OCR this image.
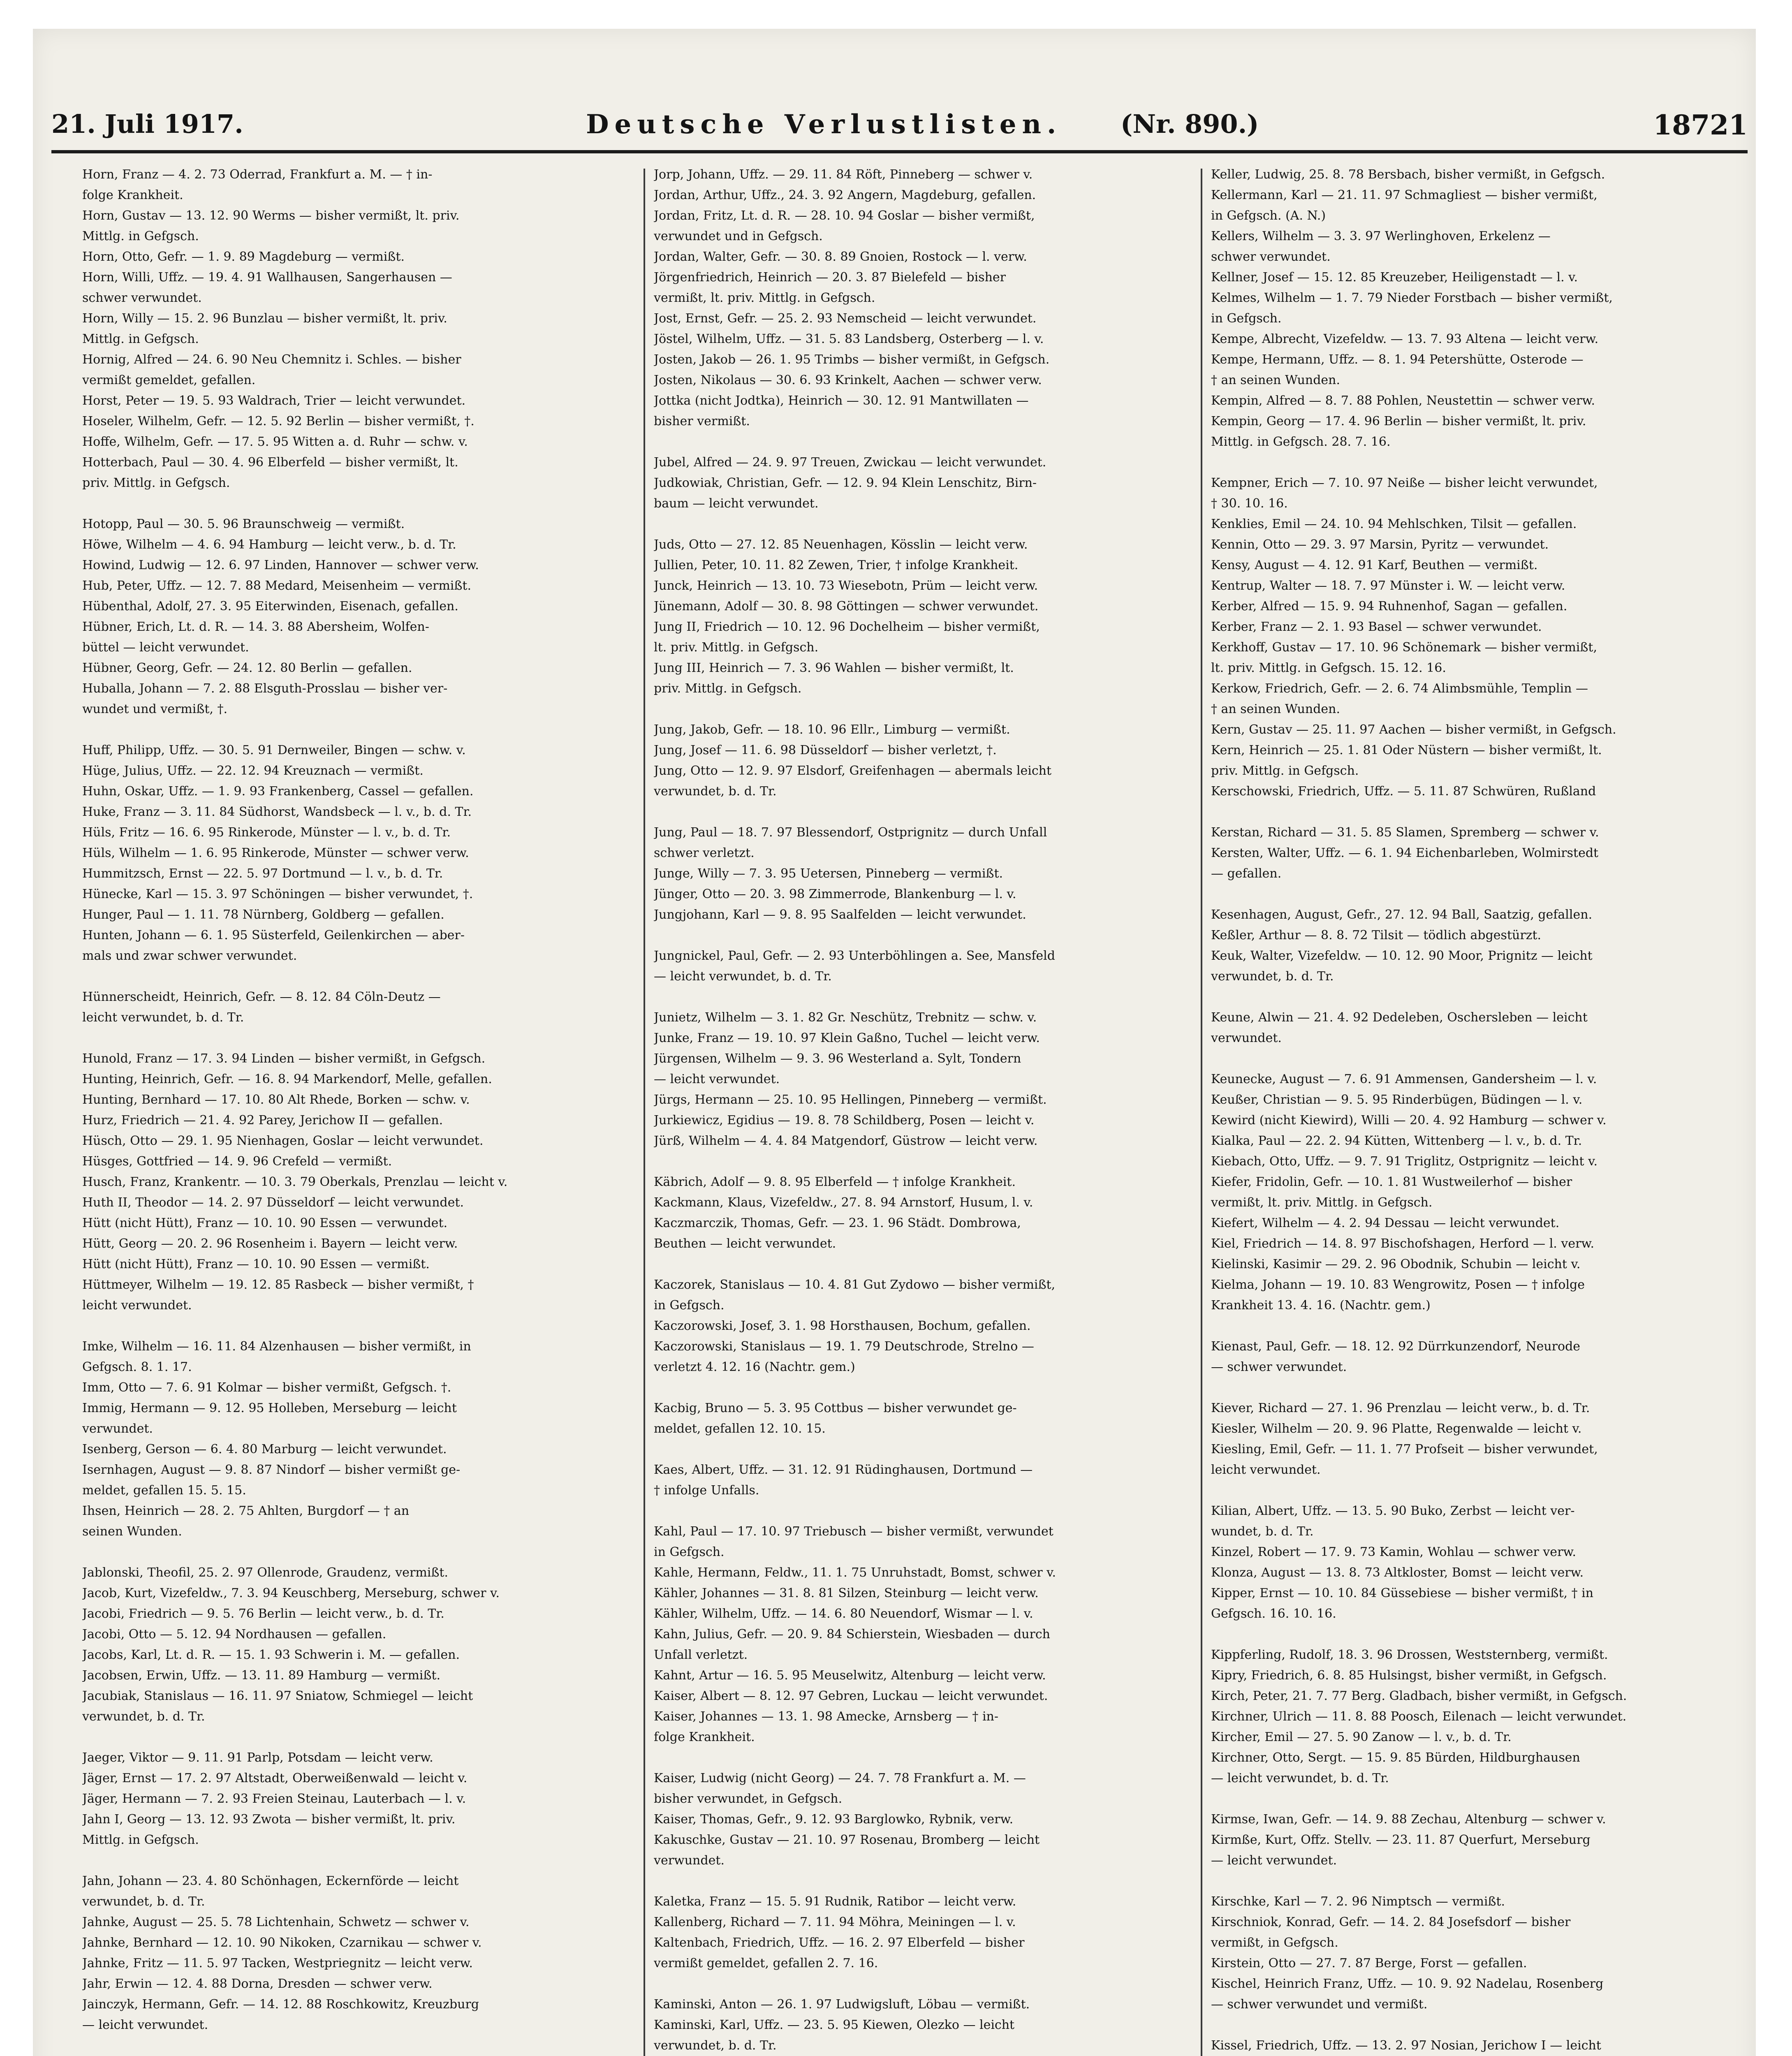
21. Juli 1917.	Deutsche Verlustlisten. (Nr. 890.)	18721
Horn, Franz — 4. 2. 73 Oderrad, Frankfurt a. M. — † in-
folge Krankheit.
Horn, Gustav — 13. 12. 90 Werms — bisher vermißt, lt. priv.
Mittlg. in Gefgsch.
Horn, Otto, Gefr. — 1. 9. 89 Magdeburg — vermißt.
Horn, Willi, Uffz. — 19. 4. 91 Wallhausen, Sangerhausen —
schwer verwundet.
Horn, Willy — 15. 2. 96 Bunzlau — bisher vermißt, lt. priv.
Mittlg. in Gefgsch.
Hornig, Alfred — 24. 6. 90 Neu Chemnitz i. Schles. — bisher
vermißt gemeldet, gefallen.
Horst, Peter — 19. 5. 93 Waldrach, Trier — leicht verwundet.
Hoseler, Wilhelm, Gefr. — 12. 5. 92 Berlin — bisher vermißt, †.
Hoffe, Wilhelm, Gefr. — 17. 5. 95 Witten a. d. Ruhr — schw. v.
Hotterbach, Paul — 30. 4. 96 Elberfeld — bisher vermißt, lt.
priv. Mittlg. in Gefgsch.
Hotopp, Paul — 30. 5. 96 Braunschweig — vermißt.
Höwe, Wilhelm — 4. 6. 94 Hamburg — leicht verw., b. d. Tr.
Howind, Ludwig — 12. 6. 97 Linden, Hannover — schwer verw.
Hub, Peter, Uffz. — 12. 7. 88 Medard, Meisenheim — vermißt.
Hübenthal, Adolf, 27. 3. 95 Eiterwinden, Eisenach, gefallen.
Hübner, Erich, Lt. d. R. — 14. 3. 88 Abersheim, Wolfen-
büttel — leicht verwundet.
Hübner, Georg, Gefr. — 24. 12. 80 Berlin — gefallen.
Huballa, Johann — 7. 2. 88 Elsguth-Prosslau — bisher ver-
wundet und vermißt, †.
Huff, Philipp, Uffz. — 30. 5. 91 Dernweiler, Bingen — schw. v.
Hüge, Julius, Uffz. — 22. 12. 94 Kreuznach — vermißt.
Huhn, Oskar, Uffz. — 1. 9. 93 Frankenberg, Cassel — gefallen.
Huke, Franz — 3. 11. 84 Südhorst, Wandsbeck — l. v., b. d. Tr.
Hüls, Fritz — 16. 6. 95 Rinkerode, Münster — l. v., b. d. Tr.
Hüls, Wilhelm — 1. 6. 95 Rinkerode, Münster — schwer verw.
Hummitzsch, Ernst — 22. 5. 97 Dortmund — l. v., b. d. Tr.
Hünecke, Karl — 15. 3. 97 Schöningen — bisher verwundet, †.
Hunger, Paul — 1. 11. 78 Nürnberg, Goldberg — gefallen.
Hunten, Johann — 6. 1. 95 Süsterfeld, Geilenkirchen — aber-
mals und zwar schwer verwundet.
Hünnerscheidt, Heinrich, Gefr. — 8. 12. 84 Cöln-Deutz —
leicht verwundet, b. d. Tr.
Hunold, Franz — 17. 3. 94 Linden — bisher vermißt, in Gefgsch.
Hunting, Heinrich, Gefr. — 16. 8. 94 Markendorf, Melle, gefallen.
Hunting, Bernhard — 17. 10. 80 Alt Rhede, Borken — schw. v.
Hurz, Friedrich — 21. 4. 92 Parey, Jerichow II — gefallen.
Hüsch, Otto — 29. 1. 95 Nienhagen, Goslar — leicht verwundet.
Hüsges, Gottfried — 14. 9. 96 Crefeld — vermißt.
Husch, Franz, Krankentr. — 10. 3. 79 Oberkals, Prenzlau — leicht v.
Huth II, Theodor — 14. 2. 97 Düsseldorf — leicht verwundet.
Hütt (nicht Hütt), Franz — 10. 10. 90 Essen — verwundet.
Hütt, Georg — 20. 2. 96 Rosenheim i. Bayern — leicht verw.
Hütt (nicht Hütt), Franz — 10. 10. 90 Essen — vermißt.
Hüttmeyer, Wilhelm — 19. 12. 85 Rasbeck — bisher vermißt, †
leicht verwundet.
Imke, Wilhelm — 16. 11. 84 Alzenhausen — bisher vermißt, in
Gefgsch. 8. 1. 17.
Imm, Otto — 7. 6. 91 Kolmar — bisher vermißt, Gefgsch. †.
Immig, Hermann — 9. 12. 95 Holleben, Merseburg — leicht
verwundet.
Isenberg, Gerson — 6. 4. 80 Marburg — leicht verwundet.
Isernhagen, August — 9. 8. 87 Nindorf — bisher vermißt ge-
meldet, gefallen 15. 5. 15.
Ihsen, Heinrich — 28. 2. 75 Ahlten, Burgdorf — † an
seinen Wunden.
Jablonski, Theofil, 25. 2. 97 Ollenrode, Graudenz, vermißt.
Jacob, Kurt, Vizefeldw., 7. 3. 94 Keuschberg, Merseburg, schwer v.
Jacobi, Friedrich — 9. 5. 76 Berlin — leicht verw., b. d. Tr.
Jacobi, Otto — 5. 12. 94 Nordhausen — gefallen.
Jacobs, Karl, Lt. d. R. — 15. 1. 93 Schwerin i. M. — gefallen.
Jacobsen, Erwin, Uffz. — 13. 11. 89 Hamburg — vermißt.
Jacubiak, Stanislaus — 16. 11. 97 Sniatow, Schmiegel — leicht
verwundet, b. d. Tr.
Jaeger, Viktor — 9. 11. 91 Parlp, Potsdam — leicht verw.
Jäger, Ernst — 17. 2. 97 Altstadt, Oberweißenwald — leicht v.
Jäger, Hermann — 7. 2. 93 Freien Steinau, Lauterbach — l. v.
Jahn I, Georg — 13. 12. 93 Zwota — bisher vermißt, lt. priv.
Mittlg. in Gefgsch.
Jahn, Johann — 23. 4. 80 Schönhagen, Eckernförde — leicht
verwundet, b. d. Tr.
Jahnke, August — 25. 5. 78 Lichtenhain, Schwetz — schwer v.
Jahnke, Bernhard — 12. 10. 90 Nikoken, Czarnikau — schwer v.
Jahnke, Fritz — 11. 5. 97 Tacken, Westpriegnitz — leicht verw.
Jahr, Erwin — 12. 4. 88 Dorna, Dresden — schwer verw.
Jainczyk, Hermann, Gefr. — 14. 12. 88 Roschkowitz, Kreuzburg
— leicht verwundet.
Jorp, Johann, Uffz. — 29. 11. 84 Röft, Pinneberg — schwer v.
Jordan, Arthur, Uffz., 24. 3. 92 Angern, Magdeburg, gefallen.
Jordan, Fritz, Lt. d. R. — 28. 10. 94 Goslar — bisher vermißt,
verwundet und in Gefgsch.
Jordan, Walter, Gefr. — 30. 8. 89 Gnoien, Rostock — l. verw.
Jörgenfriedrich, Heinrich — 20. 3. 87 Bielefeld — bisher
vermißt, lt. priv. Mittlg. in Gefgsch.
Jost, Ernst, Gefr. — 25. 2. 93 Nemscheid — leicht verwundet.
Jöstel, Wilhelm, Uffz. — 31. 5. 83 Landsberg, Osterberg — l. v.
Josten, Jakob — 26. 1. 95 Trimbs — bisher vermißt, in Gefgsch.
Josten, Nikolaus — 30. 6. 93 Krinkelt, Aachen — schwer verw.
Jottka (nicht Jodtka), Heinrich — 30. 12. 91 Mantwillaten —
bisher vermißt.
Jubel, Alfred — 24. 9. 97 Treuen, Zwickau — leicht verwundet.
Judkowiak, Christian, Gefr. — 12. 9. 94 Klein Lenschitz, Birn-
baum — leicht verwundet.
Juds, Otto — 27. 12. 85 Neuenhagen, Kösslin — leicht verw.
Jullien, Peter, 10. 11. 82 Zewen, Trier, † infolge Krankheit.
Junck, Heinrich — 13. 10. 73 Wiesebotn, Prüm — leicht verw.
Jünemann, Adolf — 30. 8. 98 Göttingen — schwer verwundet.
Jung II, Friedrich — 10. 12. 96 Dochelheim — bisher vermißt,
lt. priv. Mittlg. in Gefgsch.
Jung III, Heinrich — 7. 3. 96 Wahlen — bisher vermißt, lt.
priv. Mittlg. in Gefgsch.
Jung, Jakob, Gefr. — 18. 10. 96 Ellr., Limburg — vermißt.
Jung, Josef — 11. 6. 98 Düsseldorf — bisher verletzt, †.
Jung, Otto — 12. 9. 97 Elsdorf, Greifenhagen — abermals leicht
verwundet, b. d. Tr.
Jung, Paul — 18. 7. 97 Blessendorf, Ostprignitz — durch Unfall
schwer verletzt.
Junge, Willy — 7. 3. 95 Uetersen, Pinneberg — vermißt.
Jünger, Otto — 20. 3. 98 Zimmerrode, Blankenburg — l. v.
Jungjohann, Karl — 9. 8. 95 Saalfelden — leicht verwundet.
Jungnickel, Paul, Gefr. — 2. 93 Unterböhlingen a. See, Mansfeld
— leicht verwundet, b. d. Tr.
Junietz, Wilhelm — 3. 1. 82 Gr. Neschütz, Trebnitz — schw. v.
Junke, Franz — 19. 10. 97 Klein Gaßno, Tuchel — leicht verw.
Jürgensen, Wilhelm — 9. 3. 96 Westerland a. Sylt, Tondern
— leicht verwundet.
Jürgs, Hermann — 25. 10. 95 Hellingen, Pinneberg — vermißt.
Jurkiewicz, Egidius — 19. 8. 78 Schildberg, Posen — leicht v.
Jürß, Wilhelm — 4. 4. 84 Matgendorf, Güstrow — leicht verw.
Käbrich, Adolf — 9. 8. 95 Elberfeld — † infolge Krankheit.
Kackmann, Klaus, Vizefeldw., 27. 8. 94 Arnstorf, Husum, l. v.
Kaczmarczik, Thomas, Gefr. — 23. 1. 96 Städt. Dombrowa,
Beuthen — leicht verwundet.
Kaczorek, Stanislaus — 10. 4. 81 Gut Zydowo — bisher vermißt,
in Gefgsch.
Kaczorowski, Josef, 3. 1. 98 Horsthausen, Bochum, gefallen.
Kaczorowski, Stanislaus — 19. 1. 79 Deutschrode, Strelno —
verletzt 4. 12. 16 (Nachtr. gem.)
Kacbig, Bruno — 5. 3. 95 Cottbus — bisher verwundet ge-
meldet, gefallen 12. 10. 15.
Kaes, Albert, Uffz. — 31. 12. 91 Rüdinghausen, Dortmund —
† infolge Unfalls.
Kahl, Paul — 17. 10. 97 Triebusch — bisher vermißt, verwundet
in Gefgsch.
Kahle, Hermann, Feldw., 11. 1. 75 Unruhstadt, Bomst, schwer v.
Kähler, Johannes — 31. 8. 81 Silzen, Steinburg — leicht verw.
Kähler, Wilhelm, Uffz. — 14. 6. 80 Neuendorf, Wismar — l. v.
Kahn, Julius, Gefr. — 20. 9. 84 Schierstein, Wiesbaden — durch
Unfall verletzt.
Kahnt, Artur — 16. 5. 95 Meuselwitz, Altenburg — leicht verw.
Kaiser, Albert — 8. 12. 97 Gebren, Luckau — leicht verwundet.
Kaiser, Johannes — 13. 1. 98 Amecke, Arnsberg — † in-
folge Krankheit.
Kaiser, Ludwig (nicht Georg) — 24. 7. 78 Frankfurt a. M. —
bisher verwundet, in Gefgsch.
Kaiser, Thomas, Gefr., 9. 12. 93 Barglowko, Rybnik, verw.
Kakuschke, Gustav — 21. 10. 97 Rosenau, Bromberg — leicht
verwundet.
Kaletka, Franz — 15. 5. 91 Rudnik, Ratibor — leicht verw.
Kallenberg, Richard — 7. 11. 94 Möhra, Meiningen — l. v.
Kaltenbach, Friedrich, Uffz. — 16. 2. 97 Elberfeld — bisher
vermißt gemeldet, gefallen 2. 7. 16.
Kaminski, Anton — 26. 1. 97 Ludwigsluft, Löbau — vermißt.
Kaminski, Karl, Uffz. — 23. 5. 95 Kiewen, Olezko — leicht
verwundet, b. d. Tr.
Keller, Ludwig, 25. 8. 78 Bersbach, bisher vermißt, in Gefgsch.
Kellermann, Karl — 21. 11. 97 Schmagliest — bisher vermißt,
in Gefgsch. (A. N.)
Kellers, Wilhelm — 3. 3. 97 Werlinghoven, Erkelenz —
schwer verwundet.
Kellner, Josef — 15. 12. 85 Kreuzeber, Heiligenstadt — l. v.
Kelmes, Wilhelm — 1. 7. 79 Nieder Forstbach — bisher vermißt,
in Gefgsch.
Kempe, Albrecht, Vizefeldw. — 13. 7. 93 Altena — leicht verw.
Kempe, Hermann, Uffz. — 8. 1. 94 Petershütte, Osterode —
† an seinen Wunden.
Kempin, Alfred — 8. 7. 88 Pohlen, Neustettin — schwer verw.
Kempin, Georg — 17. 4. 96 Berlin — bisher vermißt, lt. priv.
Mittlg. in Gefgsch. 28. 7. 16.
Kempner, Erich — 7. 10. 97 Neiße — bisher leicht verwundet,
† 30. 10. 16.
Kenklies, Emil — 24. 10. 94 Mehlschken, Tilsit — gefallen.
Kennin, Otto — 29. 3. 97 Marsin, Pyritz — verwundet.
Kensy, August — 4. 12. 91 Karf, Beuthen — vermißt.
Kentrup, Walter — 18. 7. 97 Münster i. W. — leicht verw.
Kerber, Alfred — 15. 9. 94 Ruhnenhof, Sagan — gefallen.
Kerber, Franz — 2. 1. 93 Basel — schwer verwundet.
Kerkhoff, Gustav — 17. 10. 96 Schönemark — bisher vermißt,
lt. priv. Mittlg. in Gefgsch. 15. 12. 16.
Kerkow, Friedrich, Gefr. — 2. 6. 74 Alimbsmühle, Templin —
† an seinen Wunden.
Kern, Gustav — 25. 11. 97 Aachen — bisher vermißt, in Gefgsch.
Kern, Heinrich — 25. 1. 81 Oder Nüstern — bisher vermißt, lt.
priv. Mittlg. in Gefgsch.
Kerschowski, Friedrich, Uffz. — 5. 11. 87 Schwüren, Rußland
Kerstan, Richard — 31. 5. 85 Slamen, Spremberg — schwer v.
Kersten, Walter, Uffz. — 6. 1. 94 Eichenbarleben, Wolmirstedt
— gefallen.
Kesenhagen, August, Gefr., 27. 12. 94 Ball, Saatzig, gefallen.
Keßler, Arthur — 8. 8. 72 Tilsit — tödlich abgestürzt.
Keuk, Walter, Vizefeldw. — 10. 12. 90 Moor, Prignitz — leicht
verwundet, b. d. Tr.
Keune, Alwin — 21. 4. 92 Dedeleben, Oschersleben — leicht
verwundet.
Keunecke, August — 7. 6. 91 Ammensen, Gandersheim — l. v.
Keußer, Christian — 9. 5. 95 Rinderbügen, Büdingen — l. v.
Kewird (nicht Kiewird), Willi — 20. 4. 92 Hamburg — schwer v.
Kialka, Paul — 22. 2. 94 Kütten, Wittenberg — l. v., b. d. Tr.
Kiebach, Otto, Uffz. — 9. 7. 91 Triglitz, Ostprignitz — leicht v.
Kiefer, Fridolin, Gefr. — 10. 1. 81 Wustweilerhof — bisher
vermißt, lt. priv. Mittlg. in Gefgsch.
Kiefert, Wilhelm — 4. 2. 94 Dessau — leicht verwundet.
Kiel, Friedrich — 14. 8. 97 Bischofshagen, Herford — l. verw.
Kielinski, Kasimir — 29. 2. 96 Obodnik, Schubin — leicht v.
Kielma, Johann — 19. 10. 83 Wengrowitz, Posen — † infolge
Krankheit 13. 4. 16. (Nachtr. gem.)
Kienast, Paul, Gefr. — 18. 12. 92 Dürrkunzendorf, Neurode
— schwer verwundet.
Kiever, Richard — 27. 1. 96 Prenzlau — leicht verw., b. d. Tr.
Kiesler, Wilhelm — 20. 9. 96 Platte, Regenwalde — leicht v.
Kiesling, Emil, Gefr. — 11. 1. 77 Profseit — bisher verwundet,
leicht verwundet.
Kilian, Albert, Uffz. — 13. 5. 90 Buko, Zerbst — leicht ver-
wundet, b. d. Tr.
Kinzel, Robert — 17. 9. 73 Kamin, Wohlau — schwer verw.
Klonza, August — 13. 8. 73 Altkloster, Bomst — leicht verw.
Kipper, Ernst — 10. 10. 84 Güssebiese — bisher vermißt, † in
Gefgsch. 16. 10. 16.
Kippferling, Rudolf, 18. 3. 96 Drossen, Weststernberg, vermißt.
Kipry, Friedrich, 6. 8. 85 Hulsingst, bisher vermißt, in Gefgsch.
Kirch, Peter, 21. 7. 77 Berg. Gladbach, bisher vermißt, in Gefgsch.
Kirchner, Ulrich — 11. 8. 88 Poosch, Eilenach — leicht verwundet.
Kircher, Emil — 27. 5. 90 Zanow — l. v., b. d. Tr.
Kirchner, Otto, Sergt. — 15. 9. 85 Bürden, Hildburghausen
— leicht verwundet, b. d. Tr.
Kirmse, Iwan, Gefr. — 14. 9. 88 Zechau, Altenburg — schwer v.
Kirmße, Kurt, Offz. Stellv. — 23. 11. 87 Querfurt, Merseburg
— leicht verwundet.
Kirschke, Karl — 7. 2. 96 Nimptsch — vermißt.
Kirschniok, Konrad, Gefr. — 14. 2. 84 Josefsdorf — bisher
vermißt, in Gefgsch.
Kirstein, Otto — 27. 7. 87 Berge, Forst — gefallen.
Kischel, Heinrich Franz, Uffz. — 10. 9. 92 Nadelau, Rosenberg
— schwer verwundet und vermißt.
Kissel, Friedrich, Uffz. — 13. 2. 97 Nosian, Jerichow I — leicht
